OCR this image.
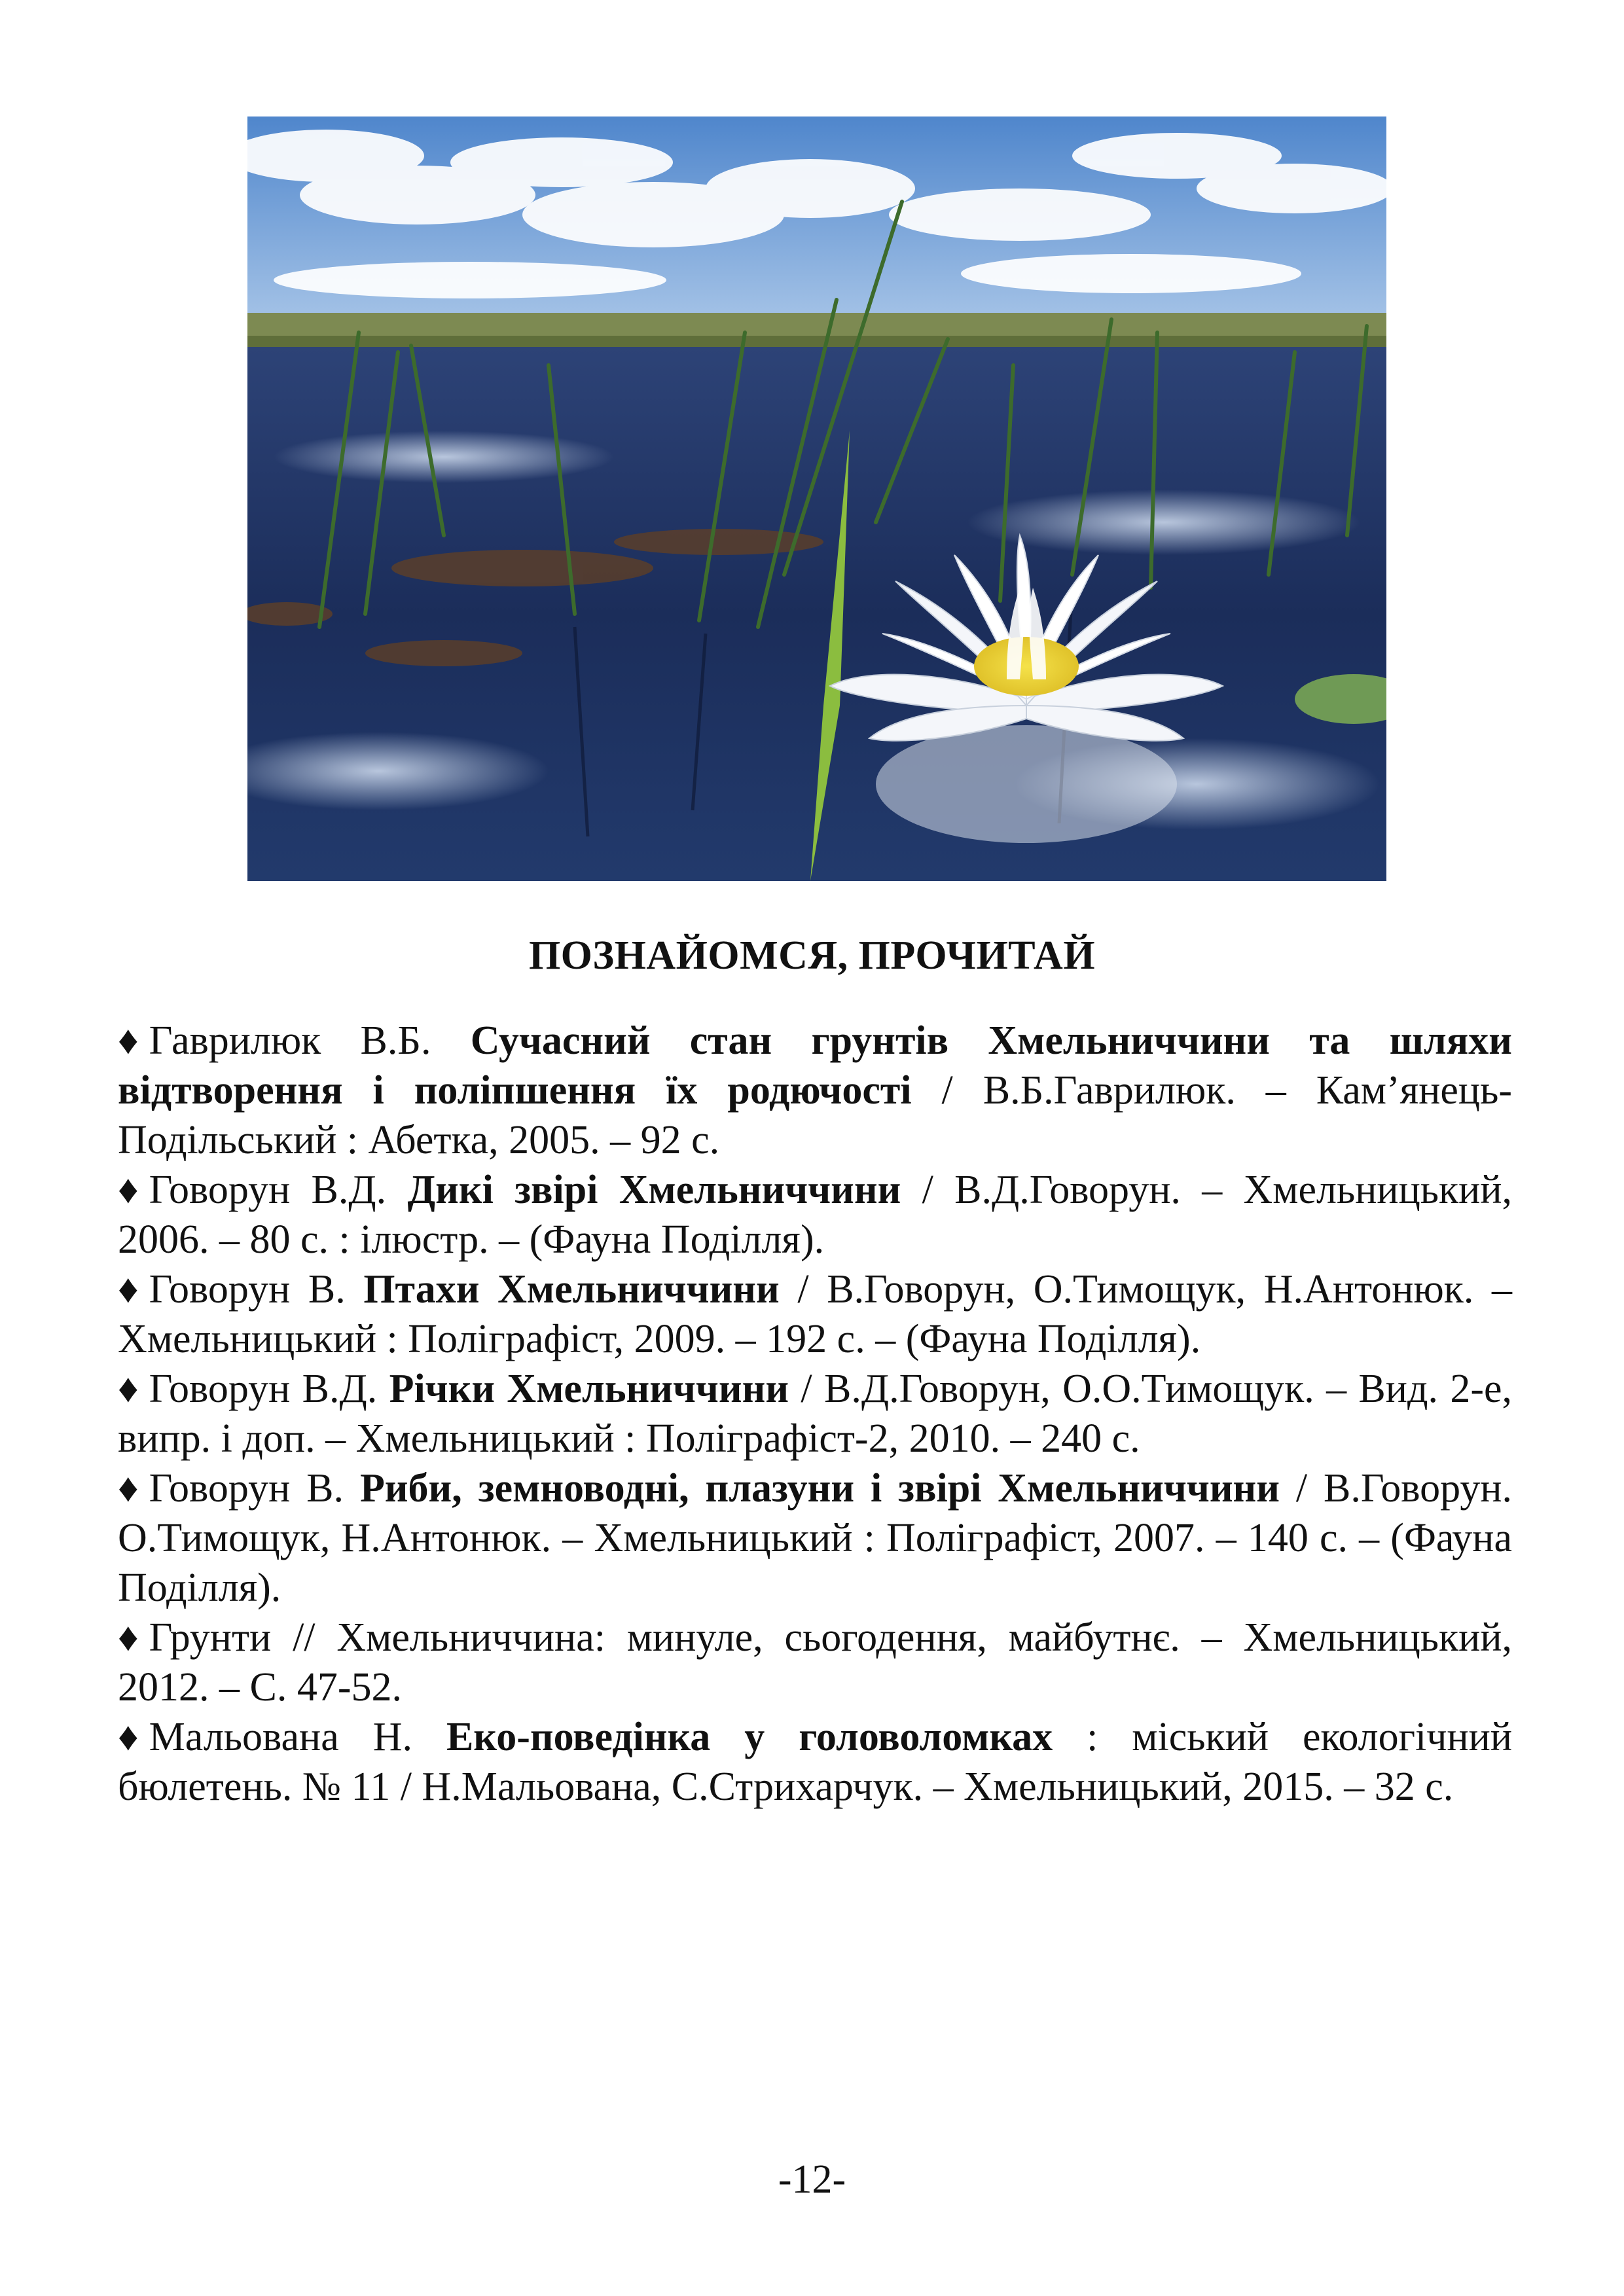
ПОЗНАЙОМСЯ, ПРОЧИТАЙ
♦ Гаврилюк В.Б. Сучасний стан грунтів Хмельниччини та шляхи відтворення і поліпшення їх родючості / В.Б.Гаврилюк. – Кам’янець-Подільський : Абетка, 2005. – 92 с.
♦ Говорун В.Д. Дикі звірі Хмельниччини / В.Д.Говорун. – Хмельницький, 2006. – 80 с. : ілюстр. – (Фауна Поділля).
♦ Говорун В. Птахи Хмельниччини / В.Говорун, О.Тимощук, Н.Антонюк. – Хмельницький : Поліграфіст, 2009. – 192 с. – (Фауна Поділля).
♦ Говорун В.Д. Річки Хмельниччини / В.Д.Говорун, О.О.Тимощук. – Вид. 2-е, випр. і доп. – Хмельницький : Поліграфіст-2, 2010. – 240 с.
♦ Говорун В. Риби, земноводні, плазуни і звірі Хмельниччини / В.Говорун. О.Тимощук, Н.Антонюк. – Хмельницький : Поліграфіст, 2007. – 140 с. – (Фауна Поділля).
♦ Грунти // Хмельниччина: минуле, сьогодення, майбутнє. – Хмельницький, 2012. – С. 47-52.
♦ Мальована Н. Еко-поведінка у головоломках : міський екологічний бюлетень. № 11 / Н.Мальована, С.Стрихарчук. – Хмельницький, 2015. – 32 с.
-12-
